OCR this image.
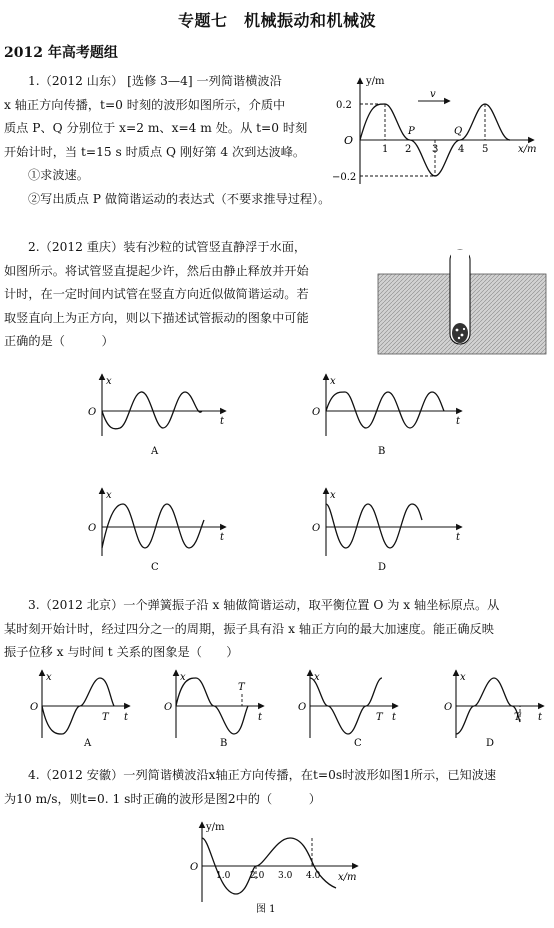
专题七　机械振动和机械波
2012 年高考题组
1.（2012 山东） [选修 3—4] 一列简谐横波沿
x 轴正方向传播，t=0 时刻的波形如图所示，介质中
质点 P、Q 分别位于 x=2 m、x=4 m 处。从 t=0 时刻
开始计时，当 t=15 s 时质点 Q 刚好第 4 次到达波峰。
①求波速。
②写出质点 P 做简谐运动的表达式（不要求推导过程）。
y/m
x/m
O
0.2
−0.2
1 2 3 4 5
P	Q
v
2.（2012 重庆）装有沙粒的试管竖直静浮于水面，
如图所示。将试管竖直提起少许，然后由静止释放并开始
计时，在一定时间内试管在竖直方向近似做简谐运动。若
取竖直向上为正方向，则以下描述试管振动的图象中可能
正确的是（　　　）
x
t
O
A
x
t
O
B
x
t
O
C
x
t
O
D
3.（2012 北京）一个弹簧振子沿 x 轴做简谐运动，取平衡位置 O 为 x 轴坐标原点。从
某时刻开始计时，经过四分之一的周期，振子具有沿 x 轴正方向的最大加速度。能正确反映
振子位移 x 与时间 t 关系的图象是（　　）
x
t
O
T
A
x
t
O
T
B
x
t
O
T
C
x
t
O
T
D
4.（2012 安徽）一列简谐横波沿x轴正方向传播，在t=0s时波形如图1所示，已知波速
为10 m/s，则t=0. 1 s时正确的波形是图2中的（　　　）
y/m
x/m
O
1.0 2.0 3.0 4.0
图 1
